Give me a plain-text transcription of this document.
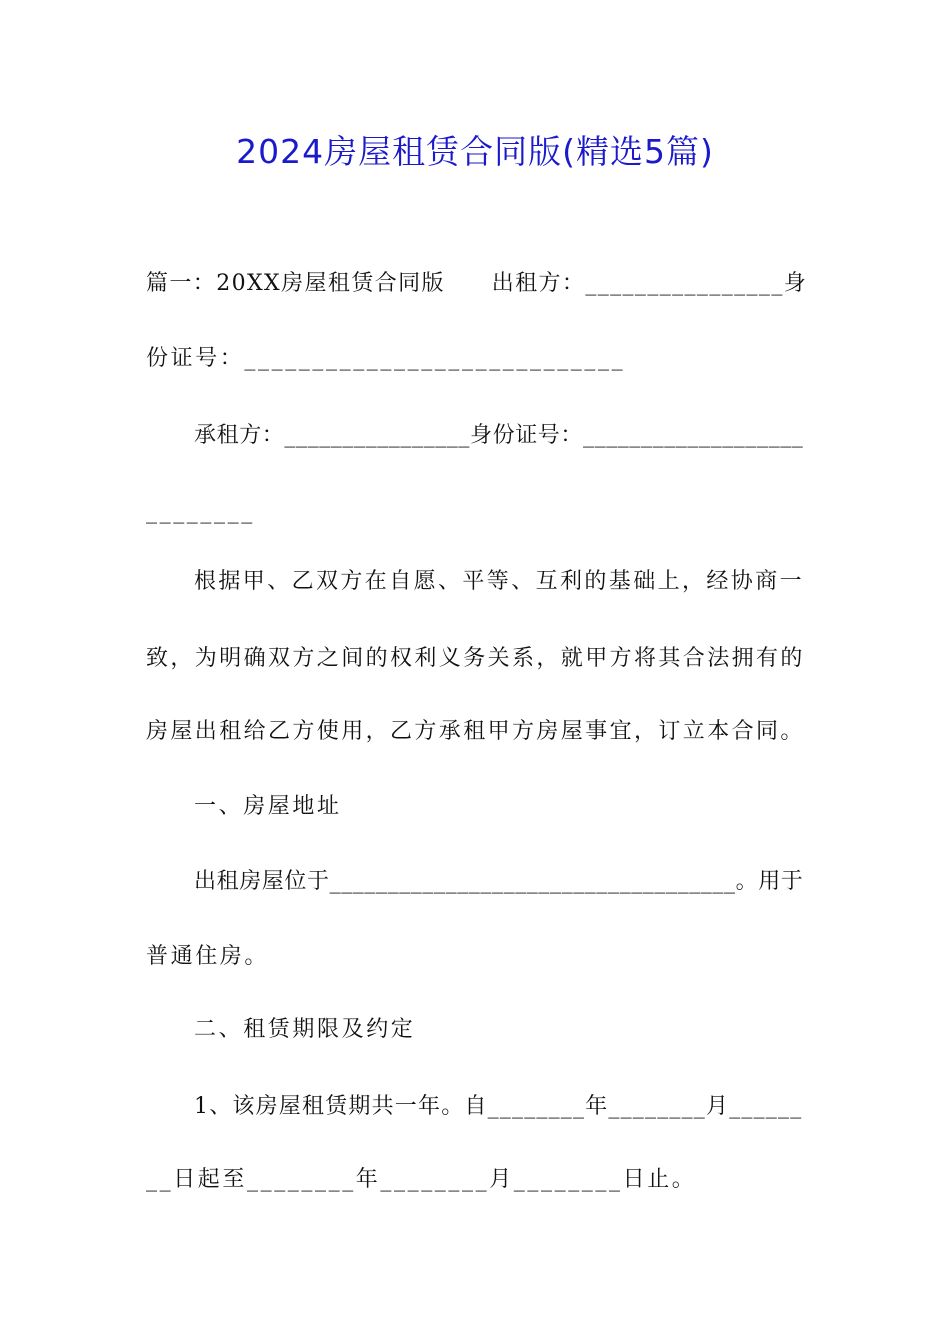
2024房屋租赁合同版(精选5篇)
篇一：20XX房屋租赁合同版　　出租方：________________身
份证号：____________________________
承租方：________________身份证号：___________________
________
根据甲、乙双方在自愿、平等、互利的基础上，经协商一
致，为明确双方之间的权利义务关系，就甲方将其合法拥有的
房屋出租给乙方使用，乙方承租甲方房屋事宜，订立本合同。
一、房屋地址
出租房屋位于___________________________________。用于
普通住房。
二、租赁期限及约定
1、该房屋租赁期共一年。自________年________月______
__日起至________年________月________日止。
